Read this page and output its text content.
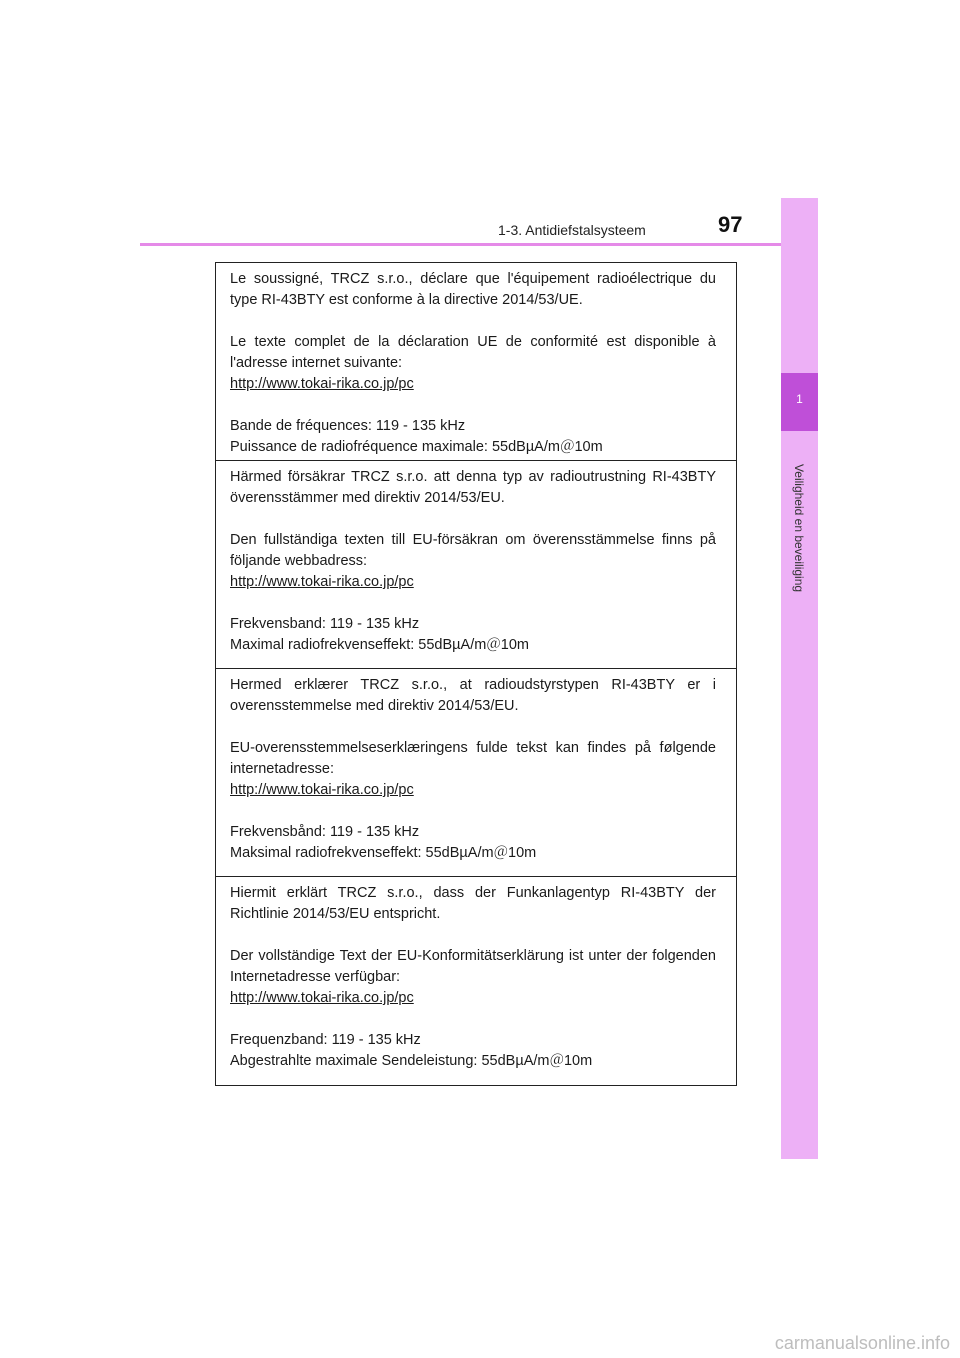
1-3. Antidiefstalsysteem	97
1
Veiligheid en beveiliging

Le soussigné, TRCZ s.r.o., déclare que l'équipement radioélectrique du type RI-43BTY est conforme à la directive 2014/53/UE.

Le texte complet de la déclaration UE de conformité est disponible à l'adresse internet suivante:

http://www.tokai-rika.co.jp/pc

Bande de fréquences: 119 - 135 kHz

Puissance de radiofréquence maximale: 55dBµA/m＠10m

Härmed försäkrar TRCZ s.r.o. att denna typ av radioutrustning RI-43BTY överensstämmer med direktiv 2014/53/EU.

Den fullständiga texten till EU-försäkran om överensstämmelse finns på följande webbadress:

http://www.tokai-rika.co.jp/pc

Frekvensband: 119 - 135 kHz

Maximal radiofrekvenseffekt: 55dBµA/m＠10m

Hermed erklærer TRCZ s.r.o., at radioudstyrstypen RI-43BTY er i overensstemmelse med direktiv 2014/53/EU.

EU-overensstemmelseserklæringens fulde tekst kan findes på følgende internetadresse:

http://www.tokai-rika.co.jp/pc

Frekvensbånd: 119 - 135 kHz

Maksimal radiofrekvenseffekt: 55dBµA/m＠10m

Hiermit erklärt TRCZ s.r.o., dass der Funkanlagentyp RI-43BTY der Richtlinie 2014/53/EU entspricht.

Der vollständige Text der EU-Konformitätserklärung ist unter der folgenden Internetadresse verfügbar:

http://www.tokai-rika.co.jp/pc

Frequenzband: 119 - 135 kHz

Abgestrahlte maximale Sendeleistung: 55dBµA/m＠10m

carmanualsonline.info
